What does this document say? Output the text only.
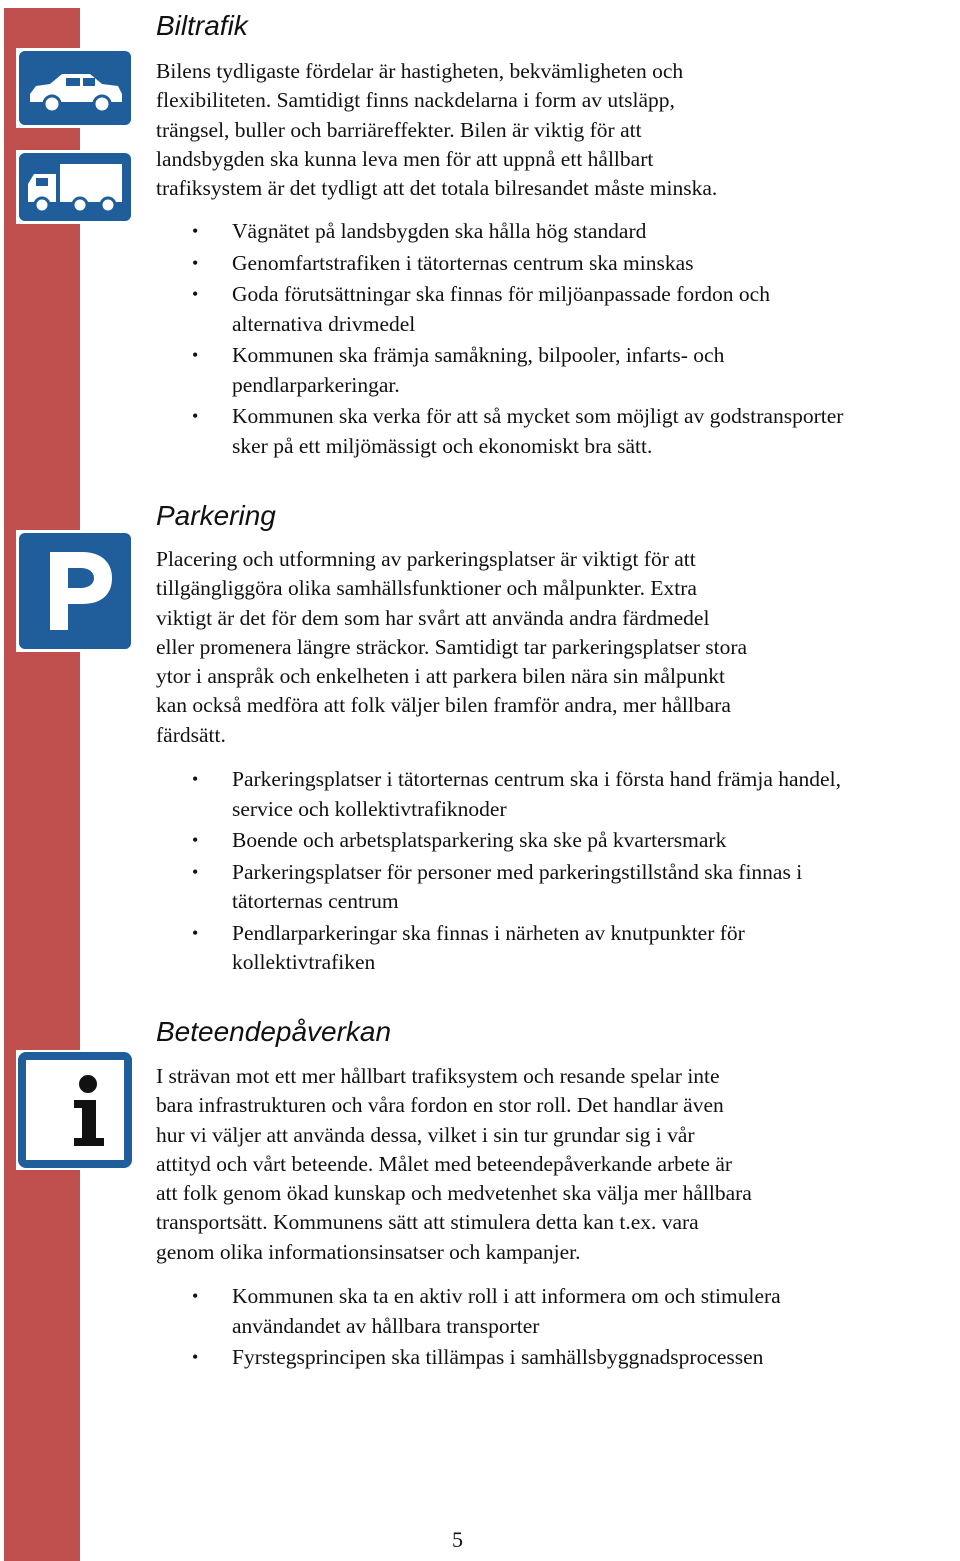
Biltrafik

Bilens tydligaste fördelar är hastigheten, bekvämligheten och
flexibiliteten. Samtidigt finns nackdelarna i form av utsläpp,
trängsel, buller och barriäreffekter. Bilen är viktig för att
landsbygden ska kunna leva men för att uppnå ett hållbart
trafiksystem är det tydligt att det totala bilresandet måste minska.

• Vägnätet på landsbygden ska hålla hög standard
• Genomfartstrafiken i tätorternas centrum ska minskas
• Goda förutsättningar ska finnas för miljöanpassade fordon och
alternativa drivmedel
• Kommunen ska främja samåkning, bilpooler, infarts- och
pendlarparkeringar.
• Kommunen ska verka för att så mycket som möjligt av godstransporter
sker på ett miljömässigt och ekonomiskt bra sätt.
Parkering

Placering och utformning av parkeringsplatser är viktigt för att
tillgängliggöra olika samhällsfunktioner och målpunkter. Extra
viktigt är det för dem som har svårt att använda andra färdmedel
eller promenera längre sträckor. Samtidigt tar parkeringsplatser stora
ytor i anspråk och enkelheten i att parkera bilen nära sin målpunkt
kan också medföra att folk väljer bilen framför andra, mer hållbara
färdsätt.

• Parkeringsplatser i tätorternas centrum ska i första hand främja handel,
service och kollektivtrafiknoder
• Boende och arbetsplatsparkering ska ske på kvartersmark
• Parkeringsplatser för personer med parkeringstillstånd ska finnas i
tätorternas centrum
• Pendlarparkeringar ska finnas i närheten av knutpunkter för
kollektivtrafiken
Beteendepåverkan

I strävan mot ett mer hållbart trafiksystem och resande spelar inte
bara infrastrukturen och våra fordon en stor roll. Det handlar även
hur vi väljer att använda dessa, vilket i sin tur grundar sig i vår
attityd och vårt beteende. Målet med beteendepåverkande arbete är
att folk genom ökad kunskap och medvetenhet ska välja mer hållbara
transportsätt. Kommunens sätt att stimulera detta kan t.ex. vara
genom olika informationsinsatser och kampanjer.

• Kommunen ska ta en aktiv roll i att informera om och stimulera
användandet av hållbara transporter
• Fyrstegsprincipen ska tillämpas i samhällsbyggnadsprocessen

5
